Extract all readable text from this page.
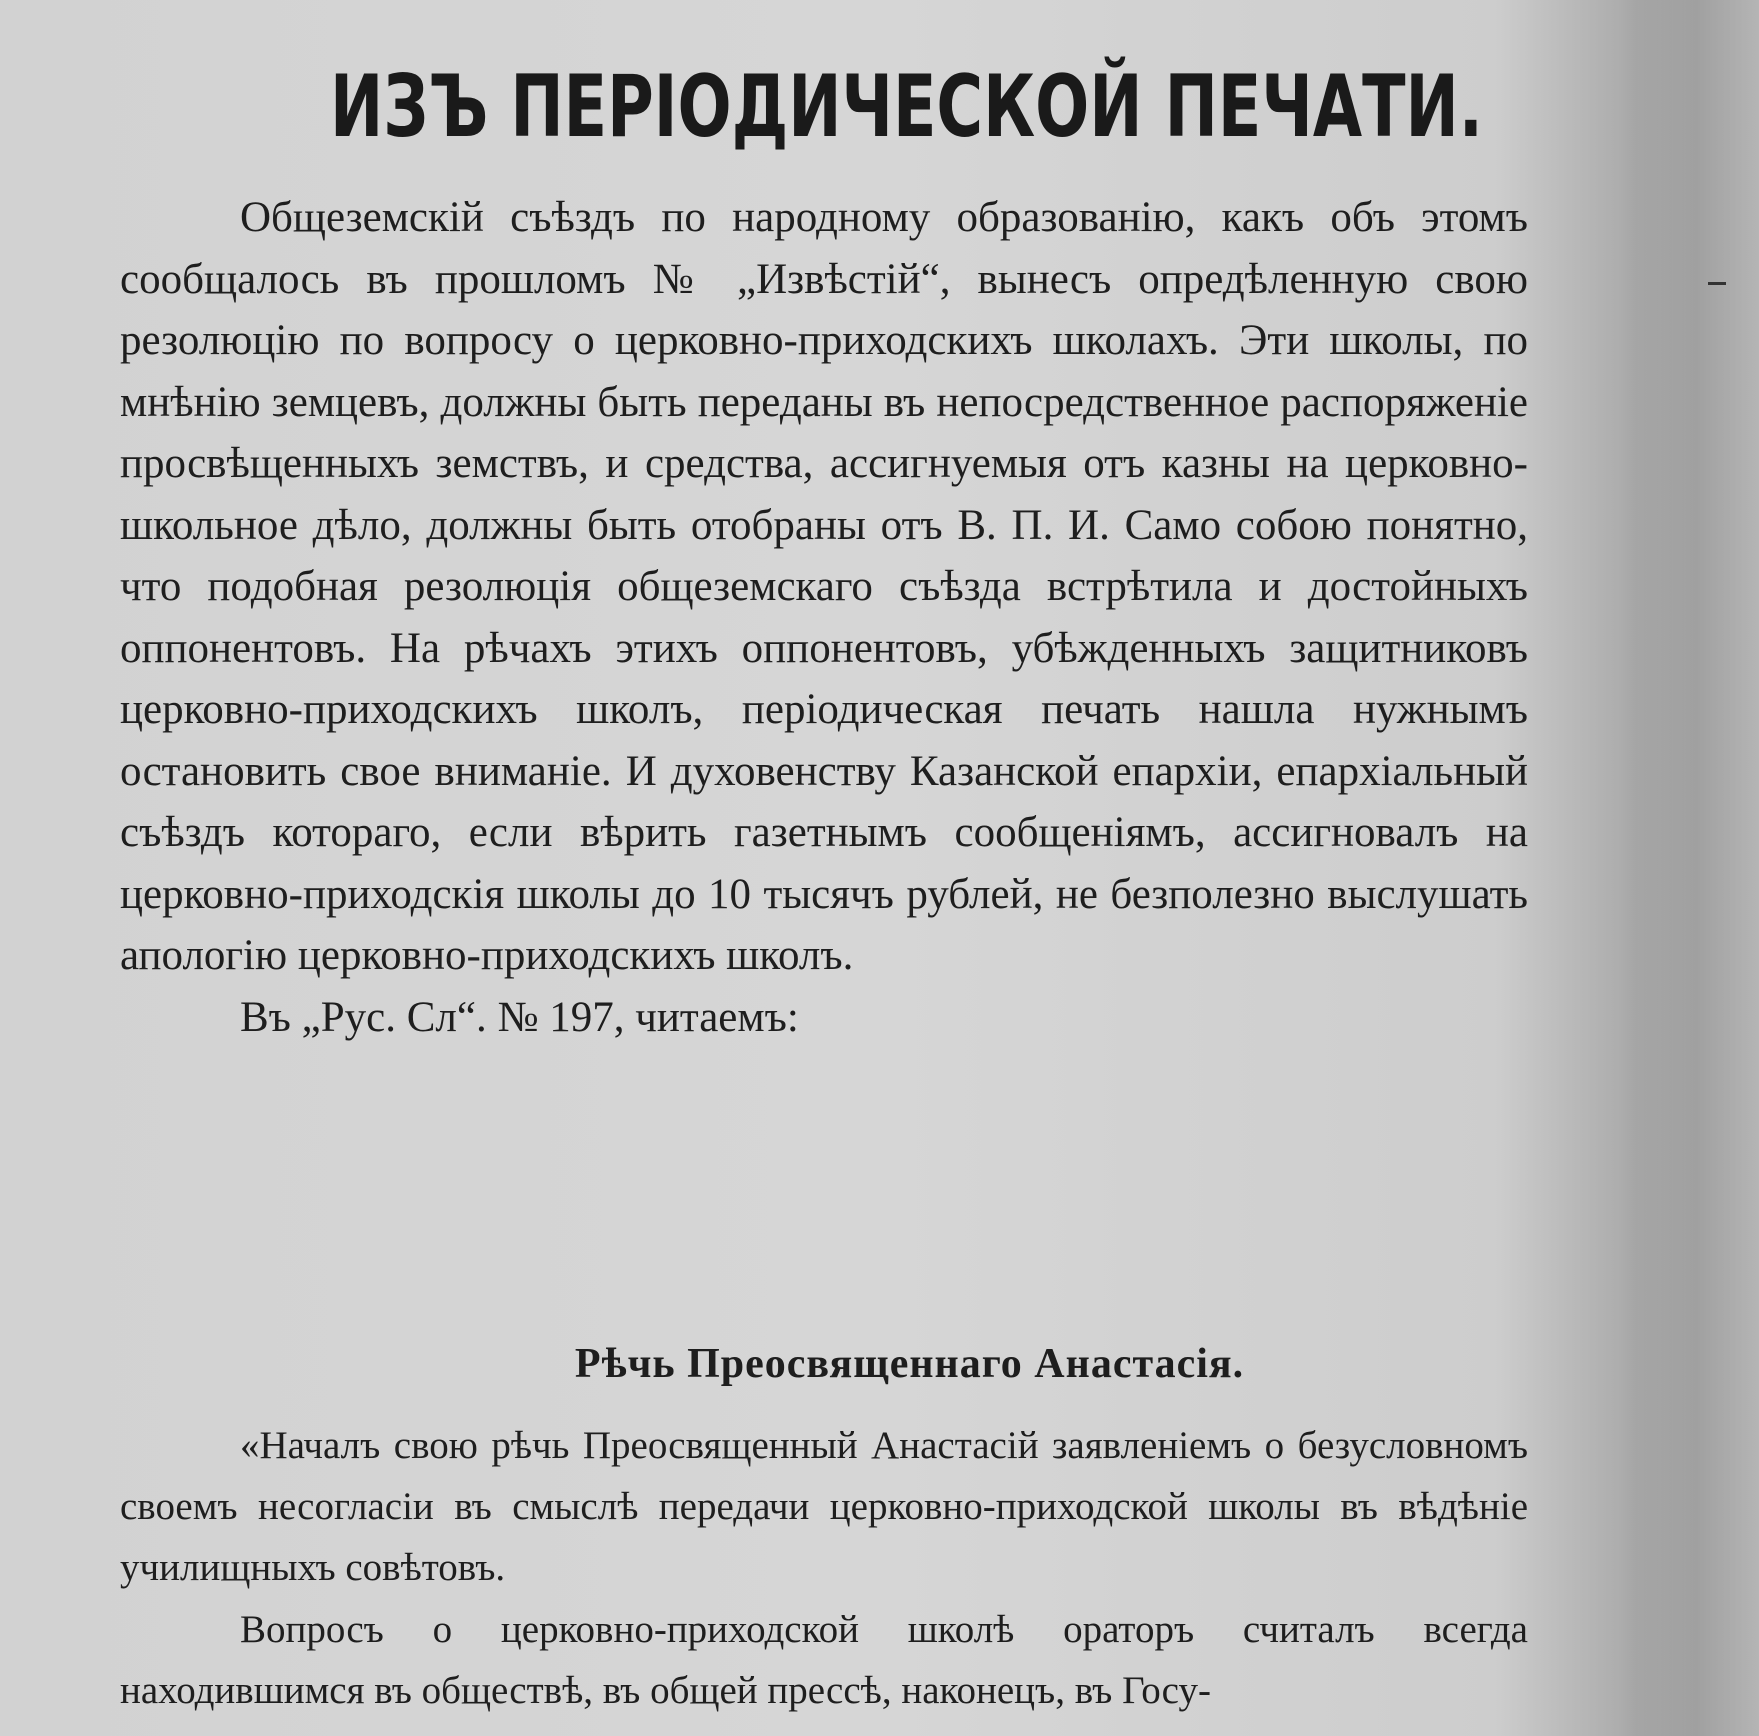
ИЗЪ ПЕРІОДИЧЕСКОЙ ПЕЧАТИ.

Общеземскій съѣздъ по народному образованію, какъ объ этомъ сообщалось въ прошломъ № „Извѣстій“, вынесъ опредѣленную свою резолюцію по вопросу о церковно-приходскихъ школахъ. Эти школы, по мнѣнію земцевъ, должны быть переданы въ непосредственное распоряженіе просвѣщенныхъ земствъ, и средства, ассигнуемыя отъ казны на церковно-школьное дѣло, должны быть отобраны отъ В. П. И. Само собою понятно, что подобная резолюція общеземскаго съѣзда встрѣтила и достойныхъ оппонентовъ. На рѣчахъ этихъ оппонентовъ, убѣжденныхъ защитниковъ церковно-приходскихъ школъ, періодическая печать нашла нужнымъ остановить свое вниманіе. И духовенству Казанской епархіи, епархіальный съѣздъ котораго, если вѣрить газетнымъ сообщеніямъ, ассигновалъ на церковно-приходскія школы до 10 тысячъ рублей, не безполезно выслушать апологію церковно-приходскихъ школъ.

Въ „Рус. Сл“. № 197, читаемъ:

Рѣчь Преосвященнаго Анастасія.

«Началъ свою рѣчь Преосвященный Анастасій заявленіемъ о безусловномъ своемъ несогласіи въ смыслѣ передачи церковно-приходской школы въ вѣдѣніе училищныхъ совѣтовъ.

Вопросъ о церковно-приходской школѣ ораторъ считалъ всегда находившимся въ обществѣ, въ общей прессѣ, наконецъ, въ Госу-
